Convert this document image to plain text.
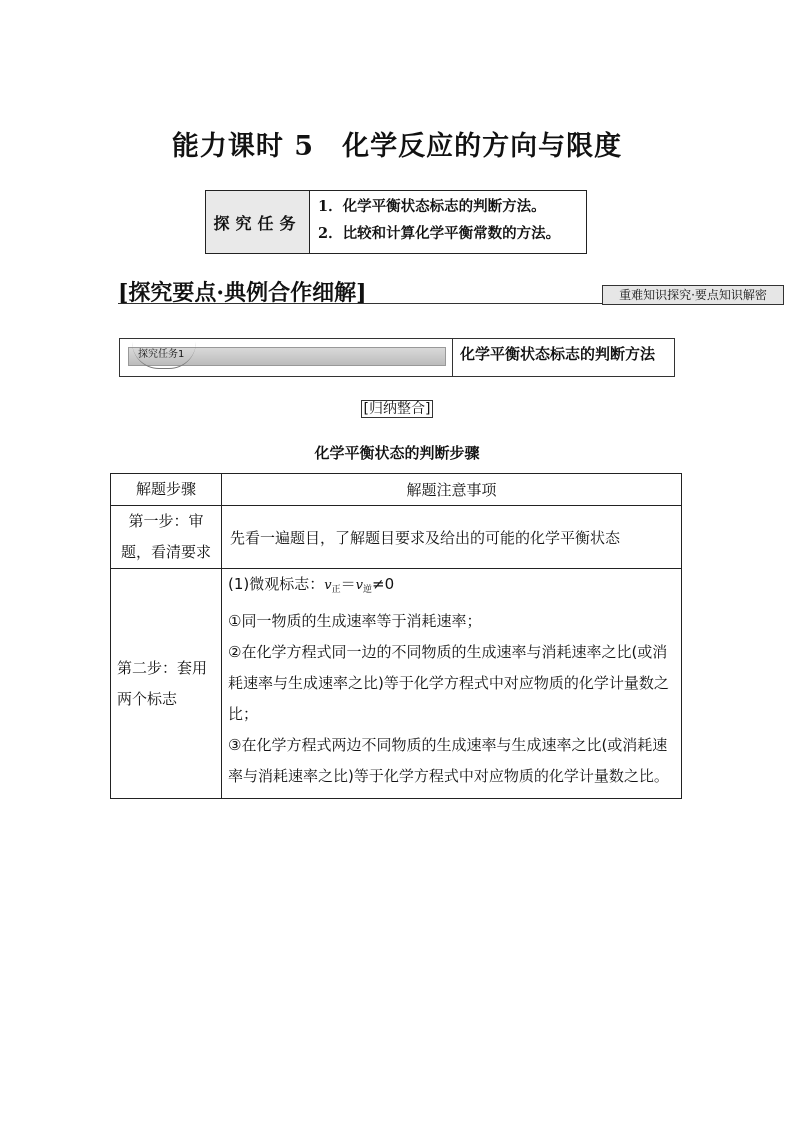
能力课时 5　化学反应的方向与限度
探究任务
1．化学平衡状态标志的判断方法。
2．比较和计算化学平衡常数的方法。
[探究要点·典例合作细解]	重难知识探究·要点知识解密
探究任务1	化学平衡状态标志的判断方法
[归纳整合]
化学平衡状态的判断步骤
解题步骤	解题注意事项
第一步：审题，看清要求	先看一遍题目，了解题目要求及给出的可能的化学平衡状态
第二步：套用两个标志	(1)微观标志：$v_正=v_逆\ne 0$
①同一物质的生成速率等于消耗速率；
②在化学方程式同一边的不同物质的生成速率与消耗速率之比(或消耗速率与生成速率之比)等于化学方程式中对应物质的化学计量数之比；
③在化学方程式两边不同物质的生成速率与生成速率之比(或消耗速率与消耗速率之比)等于化学方程式中对应物质的化学计量数之比。
